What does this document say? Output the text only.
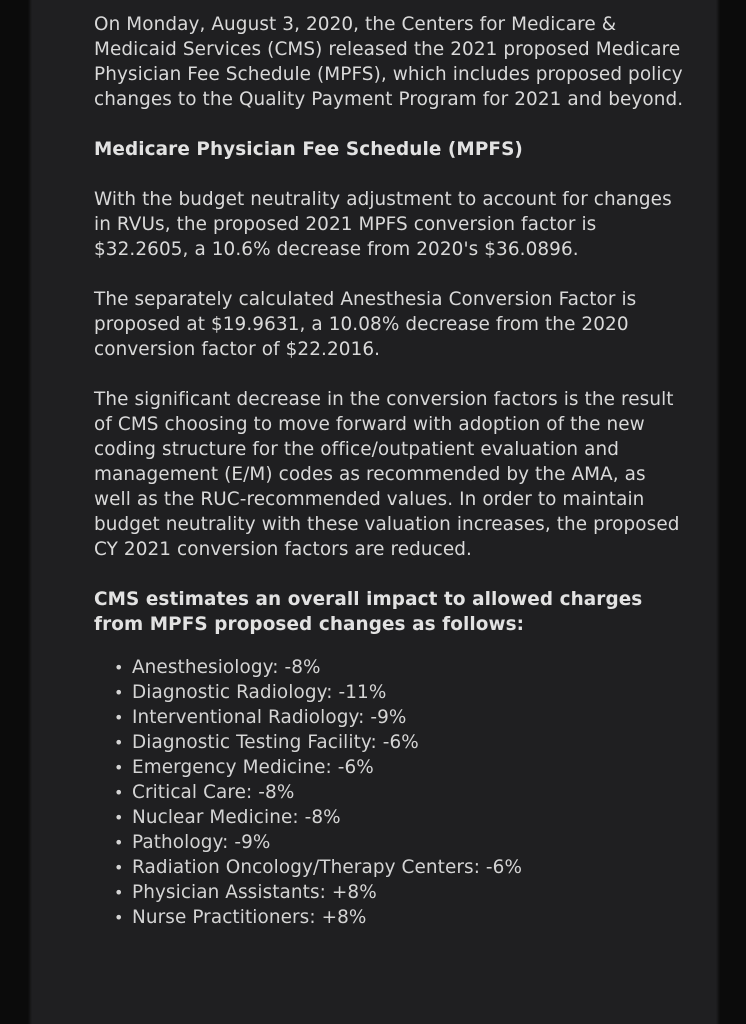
On Monday, August 3, 2020, the Centers for Medicare & Medicaid Services (CMS) released the 2021 proposed Medicare Physician Fee Schedule (MPFS), which includes proposed policy changes to the Quality Payment Program for 2021 and beyond.

Medicare Physician Fee Schedule (MPFS)

With the budget neutrality adjustment to account for changes in RVUs, the proposed 2021 MPFS conversion factor is $32.2605, a 10.6% decrease from 2020's $36.0896.

The separately calculated Anesthesia Conversion Factor is proposed at $19.9631, a 10.08% decrease from the 2020 conversion factor of $22.2016.

The significant decrease in the conversion factors is the result of CMS choosing to move forward with adoption of the new coding structure for the office/outpatient evaluation and management (E/M) codes as recommended by the AMA, as well as the RUC-recommended values. In order to maintain budget neutrality with these valuation increases, the proposed CY 2021 conversion factors are reduced.

CMS estimates an overall impact to allowed charges from MPFS proposed changes as follows:

• Anesthesiology: -8%
• Diagnostic Radiology: -11%
• Interventional Radiology: -9%
• Diagnostic Testing Facility: -6%
• Emergency Medicine: -6%
• Critical Care: -8%
• Nuclear Medicine: -8%
• Pathology: -9%
• Radiation Oncology/Therapy Centers: -6%
• Physician Assistants: +8%
• Nurse Practitioners: +8%
